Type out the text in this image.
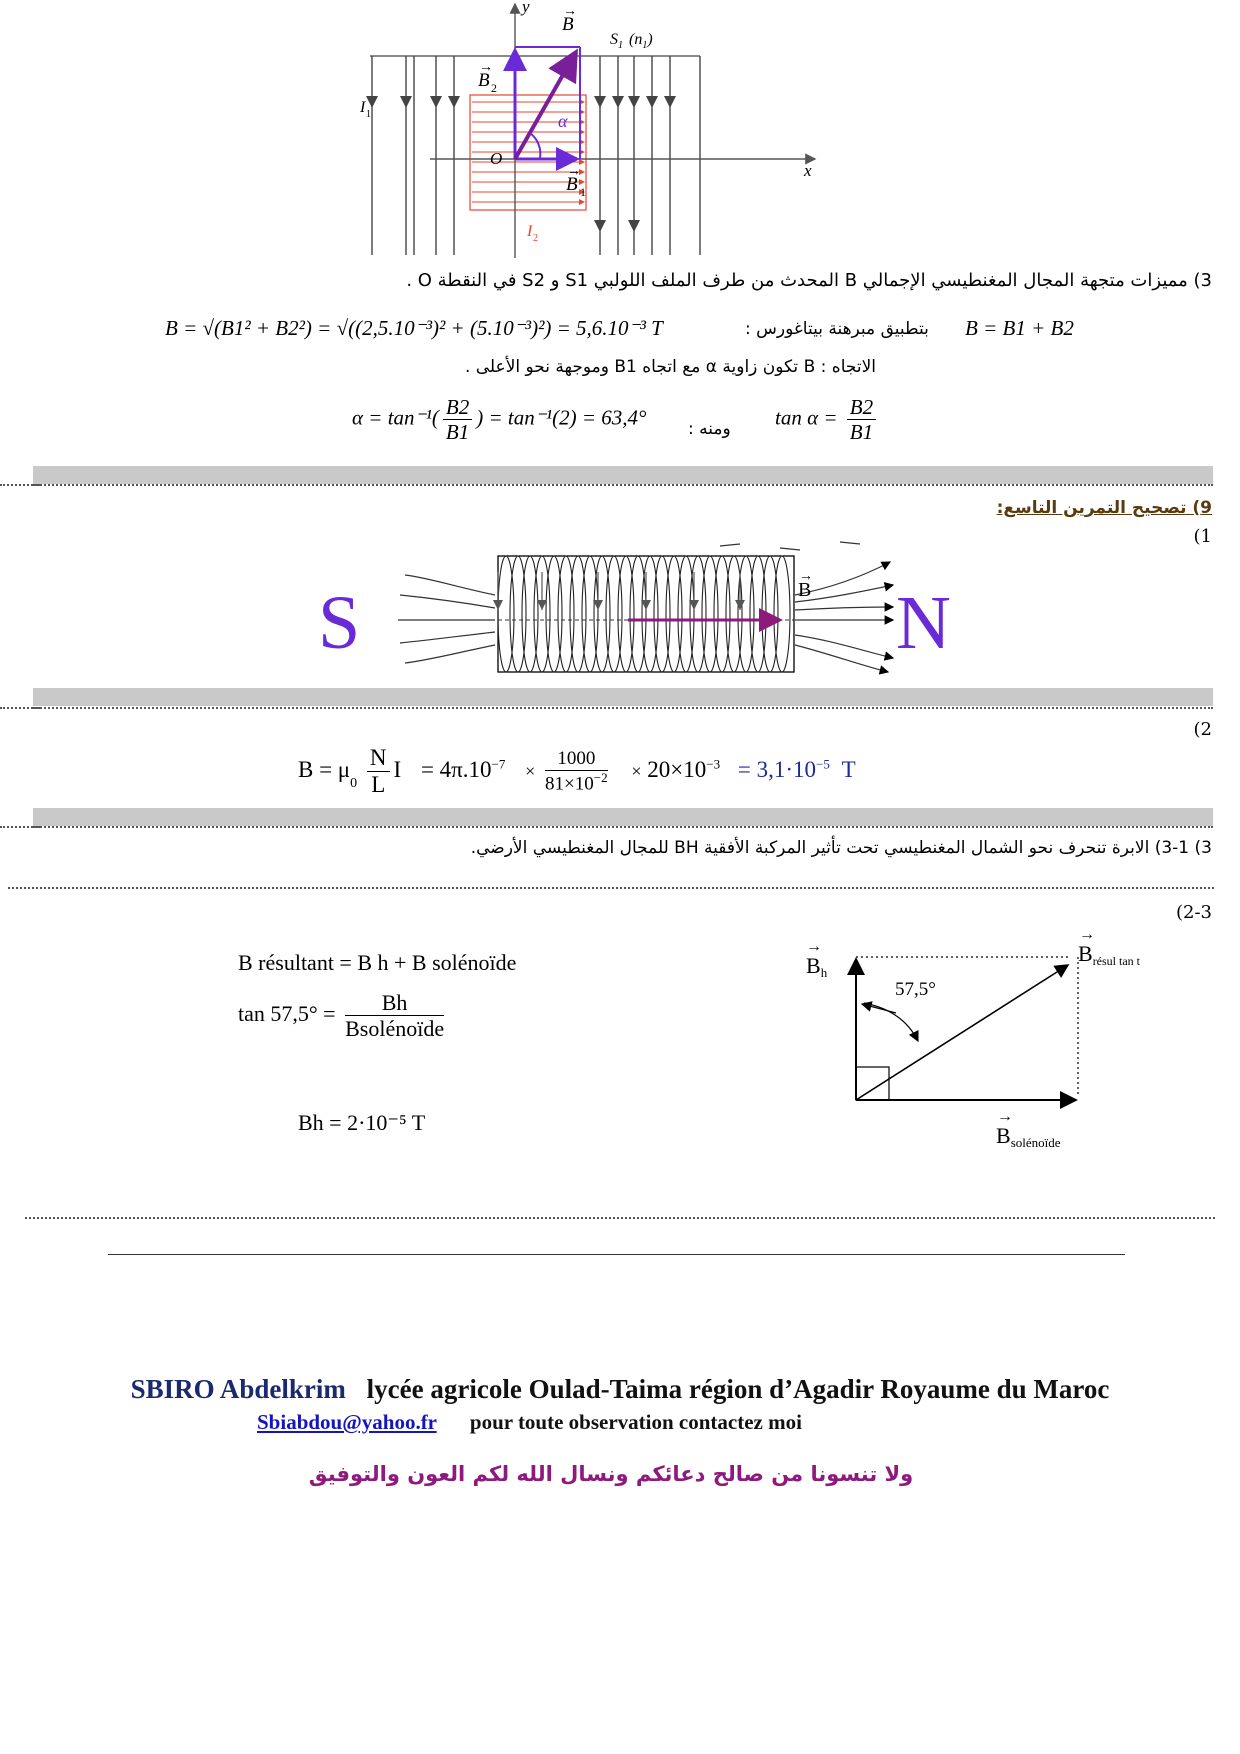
y
x
O
B
→
B 2
→
B 1
→
α
I 1
I 2
$S_1$ $(n_1)$
3) مميزات متجهة المجال المغنطيسي الإجمالي B المحدث من طرف الملف اللولبي S1 و S2 في النقطة O .
بتطبيق مبرهنة بيتاغورس : B = B1 + B2
B = √(B1² + B2²) = √((2,5.10⁻³)² + (5.10⁻³)²) = 5,6.10⁻³ T
الاتجاه : B تكون زاوية α مع اتجاه B1 وموجهة نحو الأعلى .
$\tan \alpha = \frac{B2}{B1}$
ومنه :
$\alpha = \tan^{-1}( \frac{B2}{B1}$ ) = tan⁻¹(2) = 63,4°
9) تصحيح التمرين التاسع:
(1
B
→
S	N
(2
$B = \mu_0 \frac{N}{L}$ $I = 4\pi.10^{-7} \times \frac{1000}{81\times 10^{-2}} \times 20\times 10^{-3} = 3,1\cdot 10^{-5}$ T
3) 3-1) الابرة تنحرف نحو الشمال المغنطيسي تحت تأثير المركبة الأفقية BH للمجال المغنطيسي الأرضي.
(2-3
B résultant = B h + B solénoïde
$\tan 57,5^\circ = \frac{Bh}{\text{Bsolénoïde}}$
Bh = 2·10⁻⁵ T
57,5°
Bh
→	Brésul tan t
→
Bsolénoïde
→
SBIRO Abdelkrim lycée agricole Oulad-Taima région d’Agadir Royaume du Maroc
Sbiabdou@yahoo.fr pour toute observation contactez moi
ولا تنسونا من صالح دعائكم ونسال الله لكم العون والتوفيق
